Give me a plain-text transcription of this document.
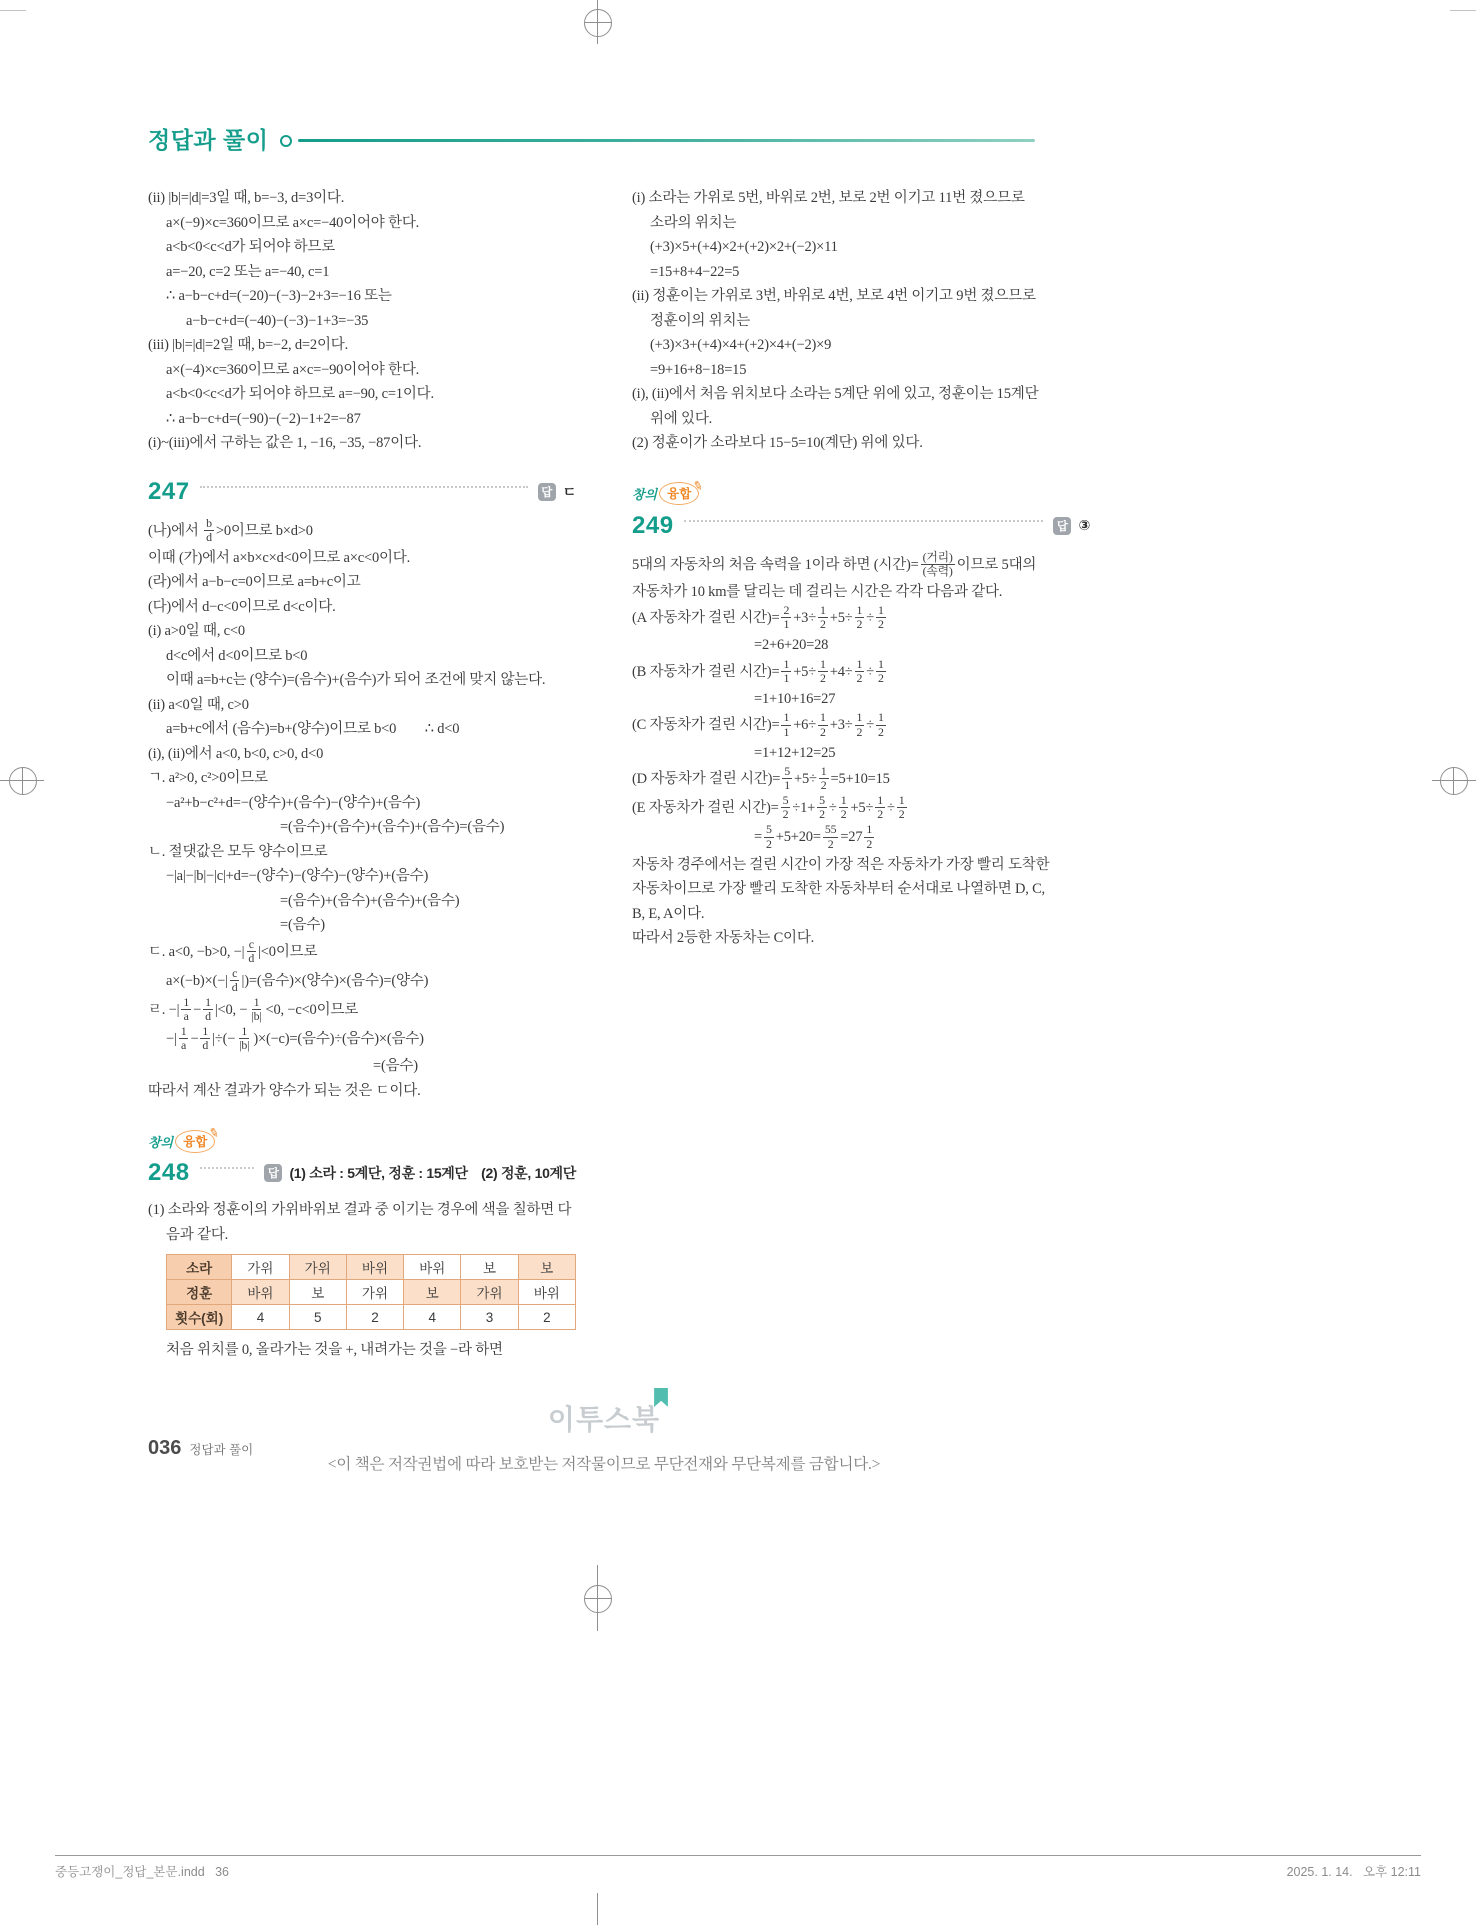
정답과 풀이
(ii) |b|=|d|=3일 때, b=−3, d=3이다.
a×(−9)×c=360이므로 a×c=−40이어야 한다.
a<b<0<c<d가 되어야 하므로
a=−20, c=2 또는 a=−40, c=1
∴ a−b−c+d=(−20)−(−3)−2+3=−16 또는
a−b−c+d=(−40)−(−3)−1+3=−35
(iii) |b|=|d|=2일 때, b=−2, d=2이다.
a×(−4)×c=360이므로 a×c=−90이어야 한다.
a<b<0<c<d가 되어야 하므로 a=−90, c=1이다.
∴ a−b−c+d=(−90)−(−2)−1+2=−87
(i)~(iii)에서 구하는 값은 1, −16, −35, −87이다.
247	답 ㄷ
(나)에서 $\frac{b}{d} >0$이므로 b×d>0
이때 (가)에서 a×b×c×d<0이므로 a×c<0이다.
(라)에서 a−b−c=0이므로 a=b+c이고
(다)에서 d−c<0이므로 d<c이다.
(i) a>0일 때, c<0
d<c에서 d<0이므로 b<0
이때 a=b+c는 (양수)=(음수)+(음수)가 되어 조건에 맞지 않는다.
(ii) a<0일 때, c>0
a=b+c에서 (음수)=b+(양수)이므로 b<0  ∴ d<0
(i), (ii)에서 a<0, b<0, c>0, d<0
ㄱ. a²>0, c²>0이므로
−a²+b−c²+d=−(양수)+(음수)−(양수)+(음수)
=(음수)+(음수)+(음수)+(음수)=(음수)
ㄴ. 절댓값은 모두 양수이므로
−|a|−|b|−|c|+d=−(양수)−(양수)−(양수)+(음수)
=(음수)+(음수)+(음수)+(음수)
=(음수)
ㄷ. a<0, −b>0, −| $\frac{c}{d} |<0$이므로
$a\times(-b)\times(-| \frac{c}{d}$ |)=(음수)×(양수)×(음수)=(양수)
ㄹ. −| $\frac{1}{a} - \frac{1}{d} |<0$, − $\frac{1}{|b|} <0$, −c<0이므로
−| $\frac{1}{a} - \frac{1}{d}$ |÷(− $\frac{1}{|b|} )\times(-c)=$(음수)÷(음수)×(음수)
=(음수)
따라서 계산 결과가 양수가 되는 것은 ㄷ이다.
창의 융합
✎
248	답 (1) 소라 : 5계단, 정훈 : 15계단  (2) 정훈, 10계단
(1) 소라와 정훈이의 가위바위보 결과 중 이기는 경우에 색을 칠하면 다
음과 같다.
소라	가위	가위	바위	바위	보	보
정훈	바위	보	가위	보	가위	바위
횟수(회)	4	5	2	4	3	2
처음 위치를 0, 올라가는 것을 +, 내려가는 것을 −라 하면
(i) 소라는 가위로 5번, 바위로 2번, 보로 2번 이기고 11번 졌으므로
소라의 위치는
(+3)×5+(+4)×2+(+2)×2+(−2)×11
=15+8+4−22=5
(ii) 정훈이는 가위로 3번, 바위로 4번, 보로 4번 이기고 9번 졌으므로
정훈이의 위치는
(+3)×3+(+4)×4+(+2)×4+(−2)×9
=9+16+8−18=15
(i), (ii)에서 처음 위치보다 소라는 5계단 위에 있고, 정훈이는 15계단
위에 있다.
(2) 정훈이가 소라보다 15−5=10(계단) 위에 있다.
창의 융합
✎
249	답 ③
5대의 자동차의 처음 속력을 1이라 하면 (시간)= $\frac{\text{(거리)}}{\text{(속력)}}$ 이므로 5대의
자동차가 10 km를 달리는 데 걸리는 시간은 각각 다음과 같다.
(A 자동차가 걸린 시간)= $\frac{2}{1} +3\div \frac{1}{2} +5\div \frac{1}{2} \div \frac{1}{2}$
=2+6+20=28
(B 자동차가 걸린 시간)= $\frac{1}{1} +5\div \frac{1}{2} +4\div \frac{1}{2} \div \frac{1}{2}$
=1+10+16=27
(C 자동차가 걸린 시간)= $\frac{1}{1} +6\div \frac{1}{2} +3\div \frac{1}{2} \div \frac{1}{2}$
=1+12+12=25
(D 자동차가 걸린 시간)= $\frac{5}{1} +5\div \frac{1}{2} =5+10=15$
(E 자동차가 걸린 시간)= $\frac{5}{2} \div 1+ \frac{5}{2} \div \frac{1}{2} +5\div \frac{1}{2} \div \frac{1}{2}$
= $\frac{5}{2} +5+20= \frac{55}{2} =27 \frac{1}{2}$
자동차 경주에서는 걸린 시간이 가장 적은 자동차가 가장 빨리 도착한
자동차이므로 가장 빨리 도착한 자동차부터 순서대로 나열하면 D, C,
B, E, A이다.
따라서 2등한 자동차는 C이다.
036 정답과 풀이
이투스북
<이 책은 저작권법에 따라 보호받는 저작물이므로 무단전재와 무단복제를 금합니다.>
중등고쟁이_정답_본문.indd   36	2025. 1. 14.   오후 12:11
